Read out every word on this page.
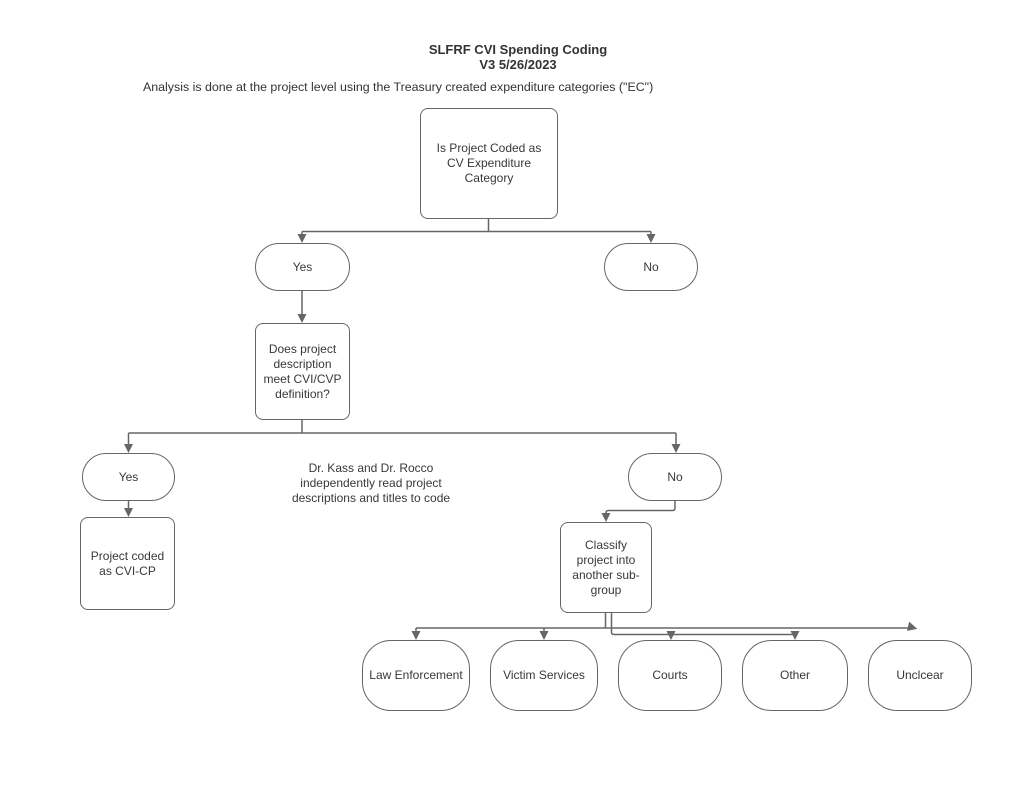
SLFRF CVI Spending Coding
V3 5/26/2023
Analysis is done at the project level using the Treasury created expenditure categories ("EC")
Is Project Coded as CV Expenditure Category
Yes	No
Does project description meet CVI/CVP definition?
Yes	No
Dr. Kass and Dr. Rocco independently read project descriptions and titles to code
Project coded as CVI-CP
Classify project into another sub-group
Law Enforcement	Victim Services	Courts	Other	Unclcear
